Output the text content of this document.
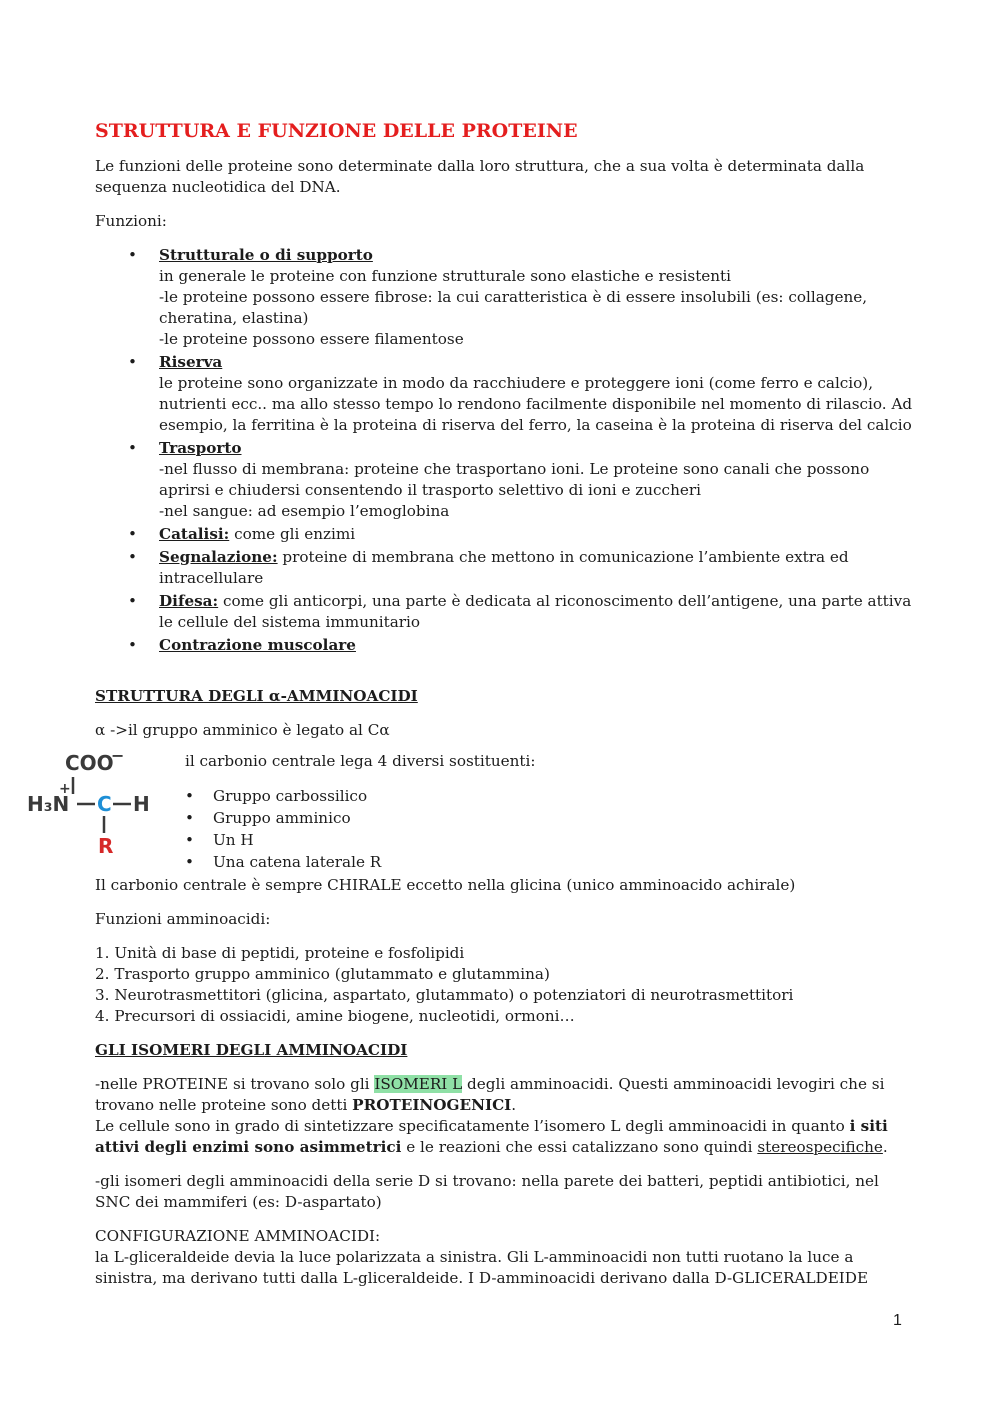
STRUTTURA E FUNZIONE DELLE PROTEINE

Le funzioni delle proteine sono determinate dalla loro struttura, che a sua volta è determinata dalla sequenza nucleotidica del DNA.

Funzioni:

• Strutturale o di supporto
in generale le proteine con funzione strutturale sono elastiche e resistenti
-le proteine possono essere fibrose: la cui caratteristica è di essere insolubili (es: collagene, cheratina, elastina)
-le proteine possono essere filamentose
• Riserva
le proteine sono organizzate in modo da racchiudere e proteggere ioni (come ferro e calcio), nutrienti ecc.. ma allo stesso tempo lo rendono facilmente disponibile nel momento di rilascio. Ad esempio, la ferritina è la proteina di riserva del ferro, la caseina è la proteina di riserva del calcio
• Trasporto
-nel flusso di membrana: proteine che trasportano ioni. Le proteine sono canali che possono aprirsi e chiudersi consentendo il trasporto selettivo di ioni e zuccheri
-nel sangue: ad esempio l’emoglobina
• Catalisi: come gli enzimi
• Segnalazione: proteine di membrana che mettono in comunicazione l’ambiente extra ed intracellulare
• Difesa: come gli anticorpi, una parte è dedicata al riconoscimento dell’antigene, una parte attiva le cellule del sistema immunitario
• Contrazione muscolare
STRUTTURA DEGLI α-AMMINOACIDI

α ->il gruppo amminico è legato al Cα

COO
−
H₃N
+
C H
R

il carbonio centrale lega 4 diversi sostituenti:

• Gruppo carbossilico
• Gruppo amminico
• Un H
• Una catena laterale R

Il carbonio centrale è sempre CHIRALE eccetto nella glicina (unico amminoacido achirale)

Funzioni amminoacidi:

1. Unità di base di peptidi, proteine e fosfolipidi

2. Trasporto gruppo amminico (glutammato e glutammina)

3. Neurotrasmettitori (glicina, aspartato, glutammato) o potenziatori di neurotrasmettitori

4. Precursori di ossiacidi, amine biogene, nucleotidi, ormoni…

GLI ISOMERI DEGLI AMMINOACIDI

-nelle PROTEINE si trovano solo gli ISOMERI L degli amminoacidi. Questi amminoacidi levogiri che si trovano nelle proteine sono detti PROTEINOGENICI.

Le cellule sono in grado di sintetizzare specificatamente l’isomero L degli amminoacidi in quanto i siti attivi degli enzimi sono asimmetrici e le reazioni che essi catalizzano sono quindi stereospecifiche.

-gli isomeri degli amminoacidi della serie D si trovano: nella parete dei batteri, peptidi antibiotici, nel SNC dei mammiferi (es: D-aspartato)

CONFIGURAZIONE AMMINOACIDI:

la L-gliceraldeide devia la luce polarizzata a sinistra. Gli L-amminoacidi non tutti ruotano la luce a sinistra, ma derivano tutti dalla L-gliceraldeide. I D-amminoacidi derivano dalla D-GLICERALDEIDE

1
